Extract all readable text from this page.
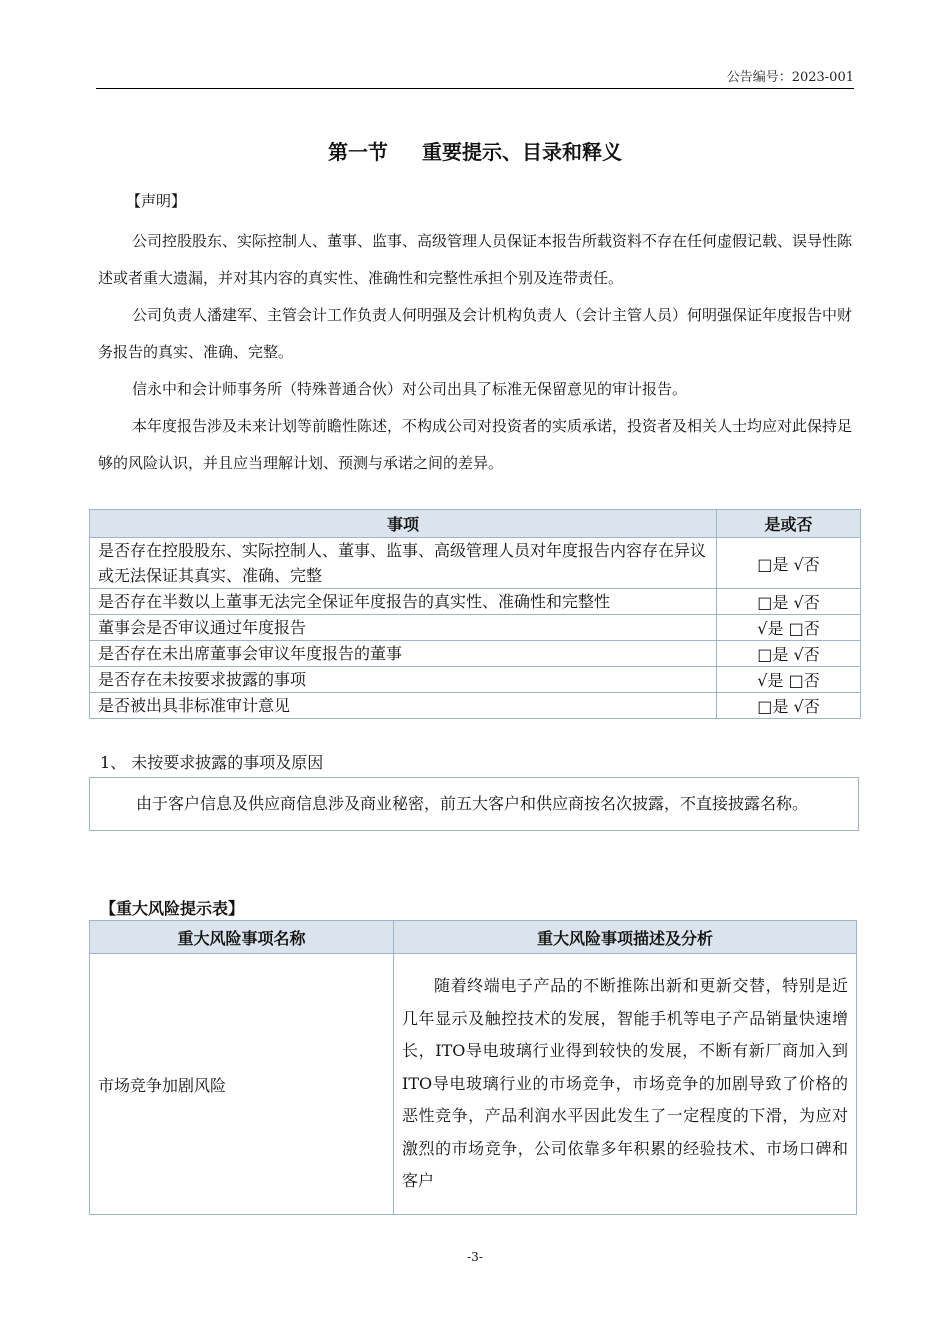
公告编号：2023-001
第一节 重要提示、目录和释义
【声明】

公司控股股东、实际控制人、董事、监事、高级管理人员保证本报告所载资料不存在任何虚假记载、误导性陈述或者重大遗漏，并对其内容的真实性、准确性和完整性承担个别及连带责任。

公司负责人潘建军、主管会计工作负责人何明强及会计机构负责人（会计主管人员）何明强保证年度报告中财务报告的真实、准确、完整。

信永中和会计师事务所（特殊普通合伙）对公司出具了标准无保留意见的审计报告。

本年度报告涉及未来计划等前瞻性陈述，不构成公司对投资者的实质承诺，投资者及相关人士均应对此保持足够的风险认识，并且应当理解计划、预测与承诺之间的差异。

事项	是或否
是否存在控股股东、实际控制人、董事、监事、高级管理人员对年度报告内容存在异议或无法保证其真实、准确、完整	□是 √否
是否存在半数以上董事无法完全保证年度报告的真实性、准确性和完整性	□是 √否
董事会是否审议通过年度报告	√是 □否
是否存在未出席董事会审议年度报告的董事	□是 √否
是否存在未按要求披露的事项	√是 □否
是否被出具非标准审计意见	□是 √否
1、 未按要求披露的事项及原因
由于客户信息及供应商信息涉及商业秘密，前五大客户和供应商按名次披露，不直接披露名称。
【重大风险提示表】
重大风险事项名称	重大风险事项描述及分析
市场竞争加剧风险	随着终端电子产品的不断推陈出新和更新交替，特别是近几年显示及触控技术的发展，智能手机等电子产品销量快速增长，ITO导电玻璃行业得到较快的发展，不断有新厂商加入到ITO导电玻璃行业的市场竞争，市场竞争的加剧导致了价格的恶性竞争，产品利润水平因此发生了一定程度的下滑，为应对激烈的市场竞争，公司依靠多年积累的经验技术、市场口碑和客户
-3-
